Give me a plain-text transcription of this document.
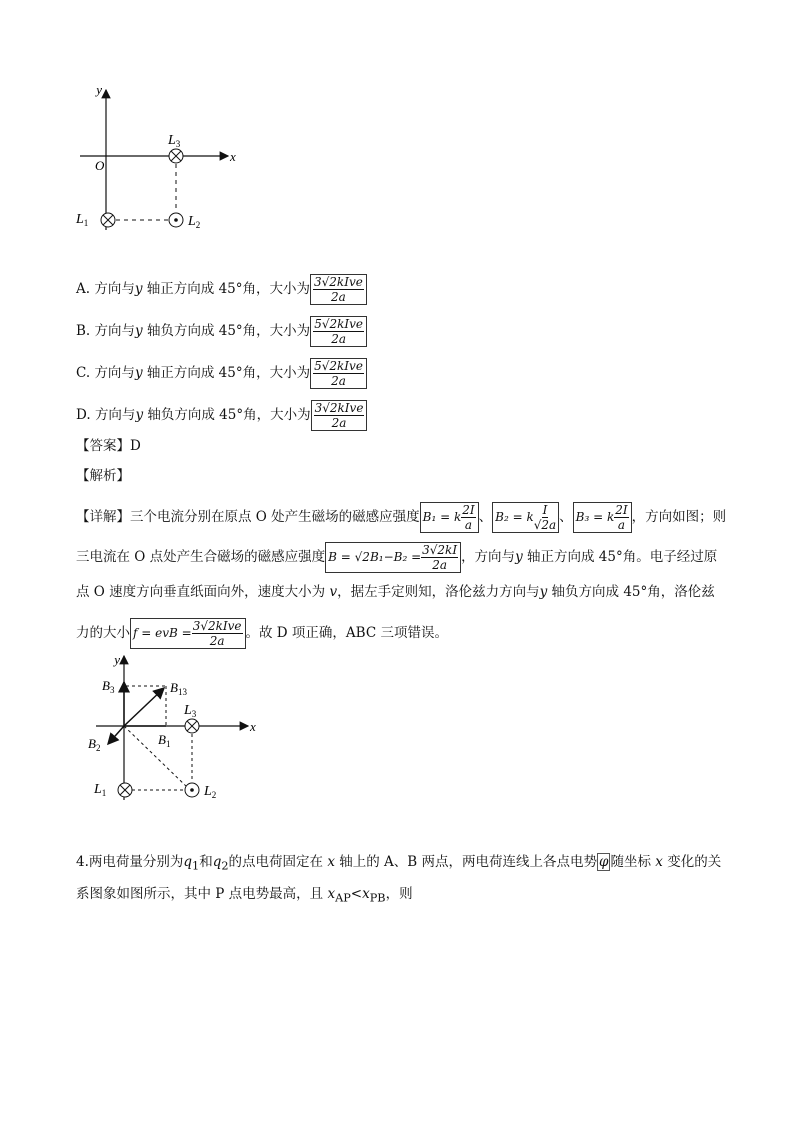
y
x
O
$L_3$
$L_1$	$L_2$
A. 方向与y 轴正方向成 45°角，大小为 $\frac{\text{3√2kIve}}{2a}$
B. 方向与y 轴负方向成 45°角，大小为 $\frac{\text{5√2kIve}}{2a}$
C. 方向与y 轴正方向成 45°角，大小为 $\frac{\text{5√2kIve}}{2a}$
D. 方向与y 轴负方向成 45°角，大小为 $\frac{\text{3√2kIve}}{2a}$
【答案】D
【解析】
【详解】三个电流分别在原点 O 处产生磁场的磁感应强度 B₁ = k $\frac{2I}{a}$ 、 B₂ = k $\frac{I}{√2a}$ 、 B₃ = k $\frac{2I}{a}$ ，方向如图；则
三电流在 O 点处产生合磁场的磁感应强度 $B = √2B_1-B_2 = \frac{3√2kI}{2a}$ ，方向与y 轴正方向成 45°角。电子经过原
点 O 速度方向垂直纸面向外，速度大小为 v，据左手定则知，洛伦兹力方向与y 轴负方向成 45°角，洛伦兹
力的大小 f = evB = $\frac{\text{3√2kIve}}{2a}$ 。故 D 项正确，ABC 三项错误。
y
x
$B_3$	$B_{13}$
$B_2$
$B_1$
$L_3$
$L_1$	$L_2$
4.两电荷量分别为$q_1$和$q_2$的点电荷固定在 x 轴上的 A、B 两点，两电荷连线上各点电势 φ 随坐标 x 变化的关
系图象如图所示，其中 P 点电势最高，且 $x_{AP}<x_{PB}$，则
